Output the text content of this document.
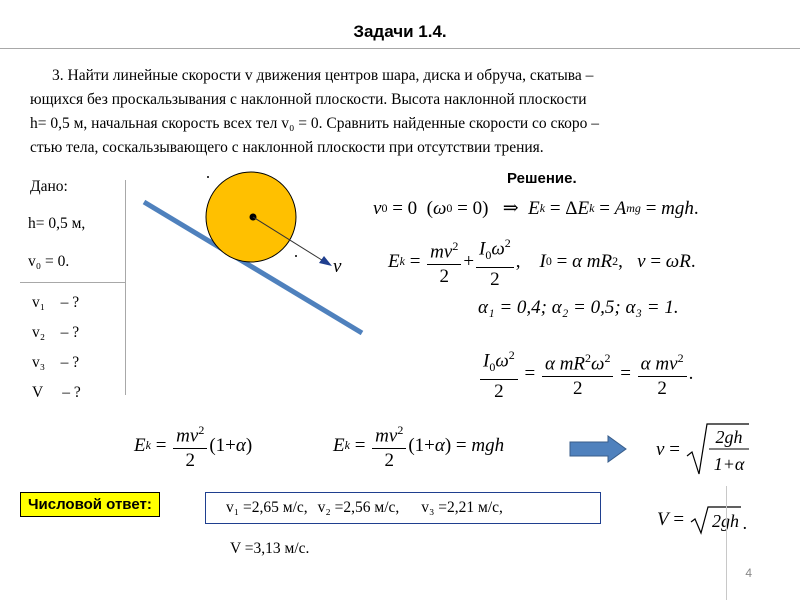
Задачи 1.4.

3. Найти линейные скорости v движения центров шара, диска и обруча, скатыва –

ющихся без проскальзывания с наклонной плоскости. Высота наклонной плоскости

h= 0,5 м, начальная скорость всех тел v₀ = 0. Сравнить найденные скорости со скоро –

стью тела, соскальзывающего с наклонной плоскости при отсутствии трения.

Дано:
h= 0,5 м,
v₀ = 0.
v₁    – ?
v₂    – ?
v₃    – ?
V     – ?
v
Решение.
v 0 = 0  ( ω 0 = 0)   ⇒ E k = Δ E k = A mg = mgh .
E $k = \frac{mv^2}{2} + \frac{I_0\omega^2}{2}$ , I 0 = α mR 2 , v = ωR .
α₁ = 0,4; α₂ = 0,5; α₃ = 1.
$\frac{I_0\omega^2}{2} = \frac{\alpha mR^2\omega^2}{2} = \frac{\alpha mv^2}{2}$ .
E $k = \frac{mv^2}{2} (1+ \alpha$ )	E $k = \frac{mv^2}{2} (1+ \alpha$ ) = mgh	v =
2gh
1+α
V = 2gh .
Числовой ответ:	v₁ =2,65 м/с, v₂ =2,56 м/с, v₃ =2,21 м/с,
V =3,13 м/с.
4
